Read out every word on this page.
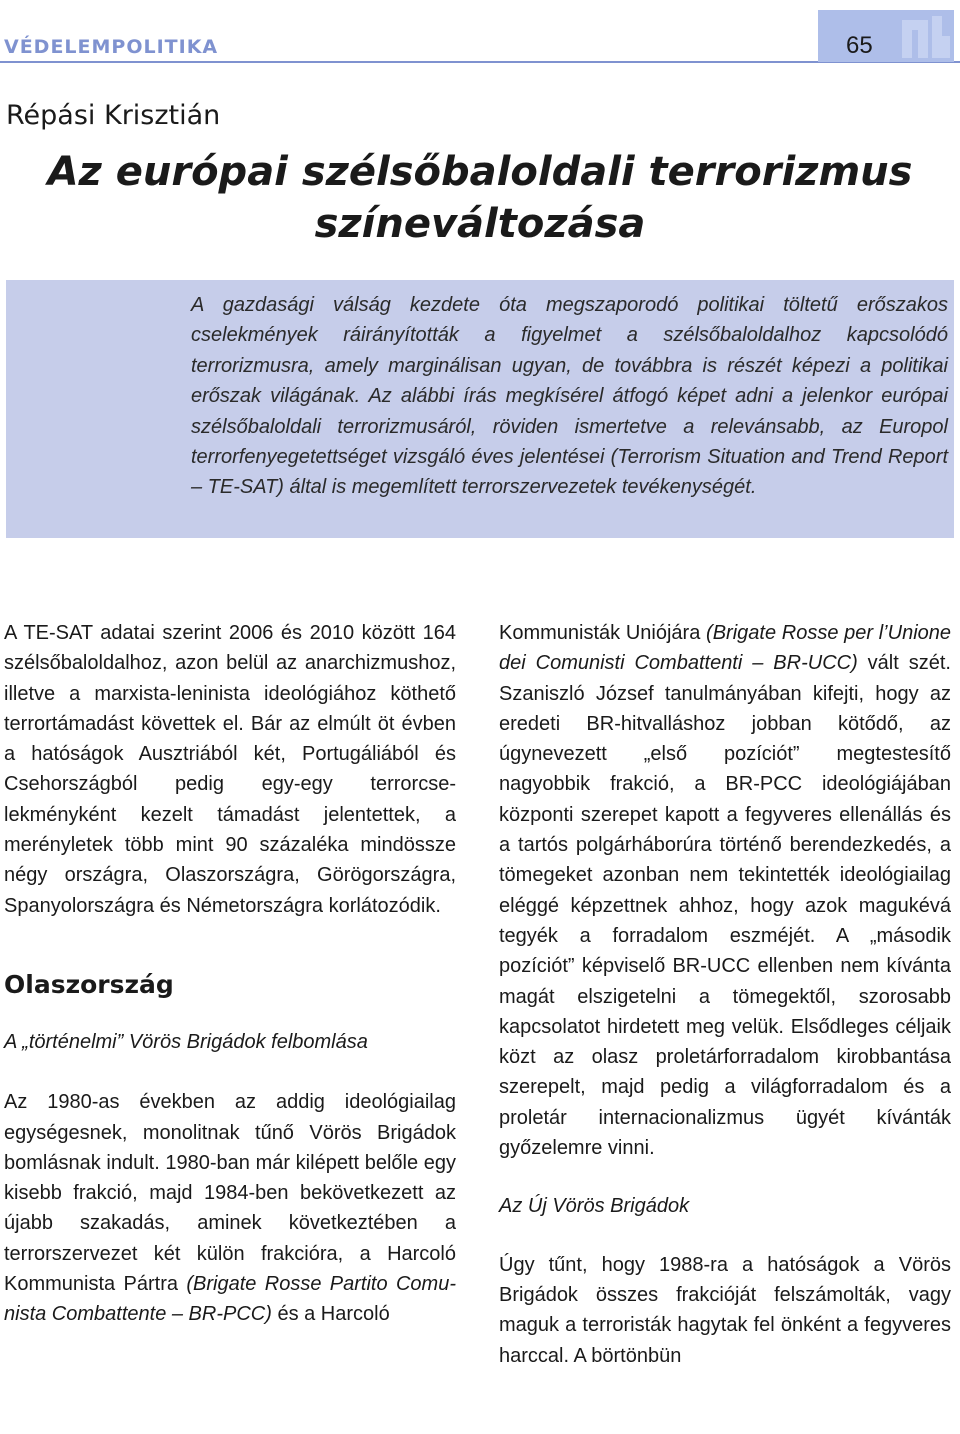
VÉDELEMPOLITIKA	65
Répási Krisztián
Az európai szélsőbaloldali terrorizmus
színeváltozása
A gazdasági válság kezdete óta megszaporodó politikai töltetű erőszakos cselekmények ráirányították a figyelmet a szélsőbaloldalhoz kapcsolódó terrorizmusra, amely marginálisan ugyan, de továbbra is részét képezi a politikai erőszak világának. Az alábbi írás megkísérel átfogó képet adni a jelenkor európai szélsőbaloldali terrorizmusáról, röviden ismertetve a relevánsabb, az Europol terrorfenyegetettséget vizsgáló éves jelentései (Terrorism Situation and Trend Report – TE-SAT) által is megemlített terrorszervezetek tevékenységét.

A TE-SAT adatai szerint 2006 és 2010 között 164 szélsőbaloldalhoz, azon belül az anarchizmushoz, illetve a marxista-leninista ideológiához köthető terrortámadást követtek el. Bár az elmúlt öt évben a hatóságok Ausztriából két, Portugáliából és Csehországból pedig egy-egy terrorcselekményként kezelt támadást jelentettek, a merényletek több mint 90 százaléka mindössze négy országra, Olaszországra, Görögországra, Spanyolországra és Németországra korlátozódik.

Olaszország

A „történelmi” Vörös Brigádok felbomlása

Az 1980-as években az addig ideológiailag egységesnek, monolitnak tűnő Vörös Brigádok bomlásnak indult. 1980-ban már kilépett belőle egy kisebb frakció, majd 1984-ben bekövetkezett az újabb szakadás, aminek következtében a terrorszervezet két külön frakcióra, a Harcoló Kommunista Pártra (Brigate Rosse Partito Comunista Combattente – BR-PCC) és a Harcoló

Kommunisták Uniójára (Brigate Rosse per l’Unione dei Comunisti Combattenti – BR-UCC) vált szét. Szaniszló József tanulmányában kifejti, hogy az eredeti BR-hitvalláshoz jobban kötődő, az úgynevezett „első pozíciót” megtestesítő nagyobbik frakció, a BR-PCC ideológiájában központi szerepet kapott a fegyveres ellenállás és a tartós polgárháborúra történő berendezkedés, a tömegeket azonban nem tekintették ideológiailag eléggé képzettnek ahhoz, hogy azok magukévá tegyék a forradalom eszméjét. A „második pozíciót” képviselő BR-UCC ellenben nem kívánta magát elszigetelni a tömegektől, szorosabb kapcsolatot hirdetett meg velük. Elsődleges céljaik közt az olasz proletárforradalom kirobbantása szerepelt, majd pedig a világforradalom és a proletár internacionalizmus ügyét kívánták győzelemre vinni.

Az Új Vörös Brigádok

Úgy tűnt, hogy 1988-ra a hatóságok a Vörös Brigádok összes frakcióját felszámolták, vagy maguk a terroristák hagytak fel önként a fegyveres harccal. A börtönbün
